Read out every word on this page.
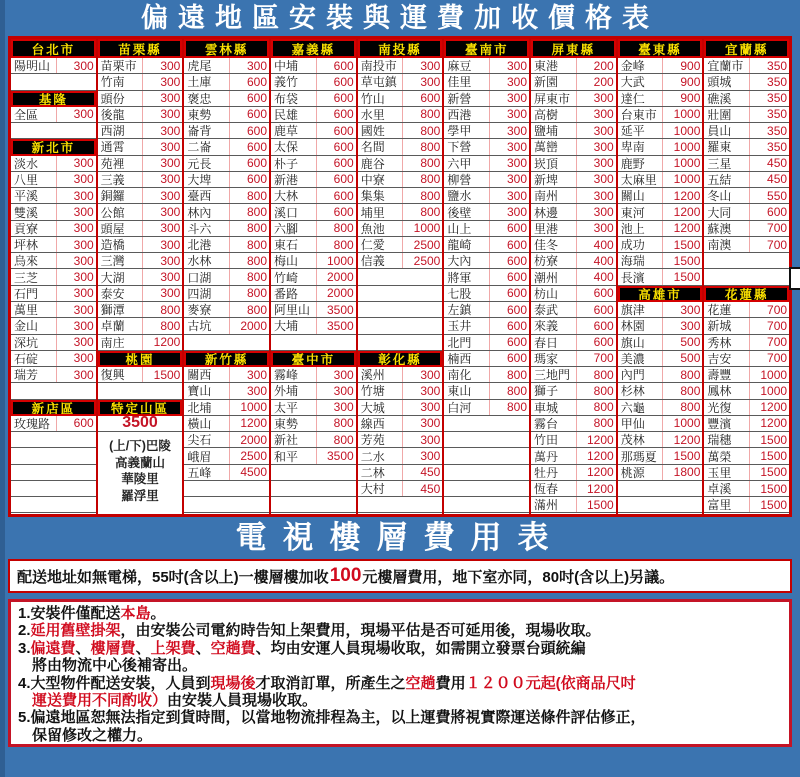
偏遠地區安裝與運費加收價格表
台北市
陽明山	300
基隆
全區	300
新北市
淡水	300
八里	300
平溪	300
雙溪	300
貢寮	300
坪林	300
烏來	300
三芝	300
石門	300
萬里	300
金山	300
深坑	300
石碇	300
瑞芳	300
新店區
玫瑰路	600
苗栗縣
苗栗市	300
竹南	300
頭份	300
後龍	300
西湖	300
通霄	300
苑裡	300
三義	300
銅鑼	300
公館	300
頭屋	300
造橋	300
三灣	300
大湖	300
泰安	300
獅潭	800
卓蘭	800
南庄	1200
桃園
復興	1500
特定山區
3500
(上/下)巴陵
高義蘭山
華陵里
羅浮里
雲林縣
虎尾	300
土庫	600
褒忠	600
東勢	600
崙背	600
二崙	600
元長	600
大埤	600
臺西	800
林內	800
斗六	800
北港	800
水林	800
口湖	800
四湖	800
麥寮	800
古坑	2000
新竹縣
關西	300
寶山	300
北埔	1000
橫山	1200
尖石	2000
峨眉	2500
五峰	4500
嘉義縣
中埔	600
義竹	600
布袋	600
民雄	600
鹿草	600
太保	600
朴子	600
新港	600
大林	600
溪口	600
六腳	800
東石	800
梅山	1000
竹崎	2000
番路	2000
阿里山	3500
大埔	3500
臺中市
霧峰	300
外埔	300
太平	300
東勢	800
新社	800
和平	3500
南投縣
南投市	300
草屯鎮	300
竹山	600
水里	800
國姓	800
名間	800
鹿谷	800
中寮	800
集集	800
埔里	800
魚池	1000
仁愛	2500
信義	2500
彰化縣
溪州	300
竹塘	300
大城	300
線西	300
芳苑	300
二水	300
二林	450
大村	450
臺南市
麻豆	300
佳里	300
新營	300
西港	300
學甲	300
下營	300
六甲	300
柳營	300
鹽水	300
後壁	300
山上	600
龍崎	600
大內	600
將軍	600
七股	600
左鎮	600
玉井	600
北門	600
楠西	600
南化	800
東山	800
白河	800
屏東縣
東港	200
新園	200
屏東市	300
高樹	300
鹽埔	300
萬巒	300
崁頂	300
新埤	300
南州	300
林邊	300
里港	300
佳冬	400
枋寮	400
潮州	400
枋山	600
泰武	600
來義	600
春日	600
瑪家	700
三地門	800
獅子	800
車城	800
霧台	800
竹田	1200
萬丹	1200
牡丹	1200
恆春	1200
滿州	1500
臺東縣
金峰	900
大武	900
達仁	900
台東市	1000
延平	1000
卑南	1000
鹿野	1000
太麻里	1000
關山	1200
東河	1200
池上	1200
成功	1500
海瑞	1500
長濱	1500
高雄市
旗津	300
林園	300
旗山	500
美濃	500
內門	800
杉林	800
六龜	800
甲仙	1000
茂林	1200
那瑪夏	1500
桃源	1800
宜蘭縣
宜蘭市	350
頭城	350
礁溪	350
壯圍	350
員山	350
羅東	350
三星	450
五結	450
冬山	550
大同	600
蘇澳	700
南澳	700
花蓮縣
花蓮	700
新城	700
秀林	700
吉安	700
壽豐	1000
鳳林	1000
光復	1200
豐濱	1200
瑞穗	1500
萬榮	1500
玉里	1500
卓溪	1500
富里	1500
電視樓層費用表
配送地址如無電梯，55吋(含以上)一樓層樓加收 100 元樓層費用，地下室亦同，80吋(含以上)另議。
1.安裝件僅配送本島。
2.延用舊壁掛架，由安裝公司電約時告知上架費用，現場平估是否可延用後，現場收取。
3.偏遠費、樓層費、上架費、空趟費、均由安運人員現場收取，如需開立發票台頭統編
將由物流中心後補寄出。
4.大型物件配送安裝，人員到現場後才取消訂單，所產生之空趟費用１２００元起(依商品尺吋
運送費用不同酌收）由安裝人員現場收取。
5.偏遠地區恕無法指定到貨時間，以當地物流排程為主，以上運費將視實際運送條件評估修正，
保留修改之權力。
